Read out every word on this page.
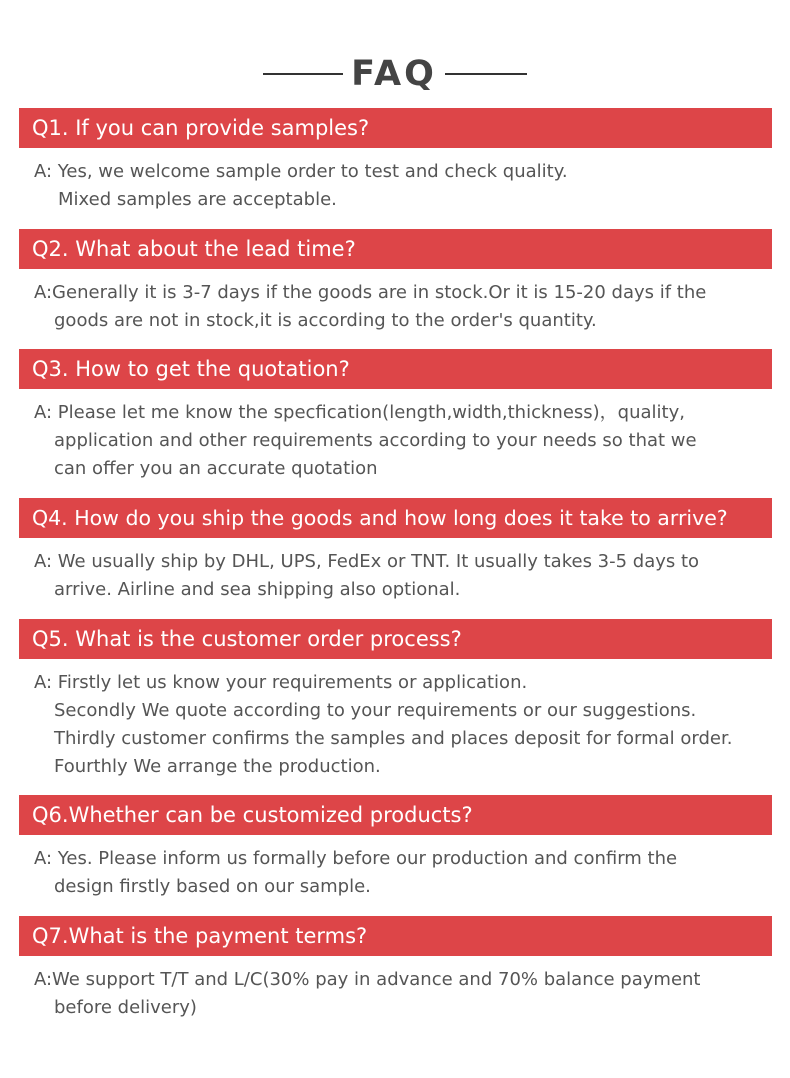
FAQ
Q1. If you can provide samples?
A: Yes, we welcome sample order to test and check quality.
Mixed samples are acceptable.
Q2. What about the lead time?
A:Generally it is 3-7 days if the goods are in stock.Or it is 15-20 days if the
goods are not in stock,it is according to the order's quantity.
Q3. How to get the quotation?
A: Please let me know the specfication(length,width,thickness)，quality,
application and other requirements according to your needs so that we
can offer you an accurate quotation
Q4. How do you ship the goods and how long does it take to arrive?
A: We usually ship by DHL, UPS, FedEx or TNT. It usually takes 3-5 days to
arrive. Airline and sea shipping also optional.
Q5. What is the customer order process?
A: Firstly let us know your requirements or application.
Secondly We quote according to your requirements or our suggestions.
Thirdly customer confirms the samples and places deposit for formal order.
Fourthly We arrange the production.
Q6.Whether can be customized products?
A: Yes. Please inform us formally before our production and confirm the
design firstly based on our sample.
Q7.What is the payment terms?
A:We support T/T and L/C(30% pay in advance and 70% balance payment
before delivery)
